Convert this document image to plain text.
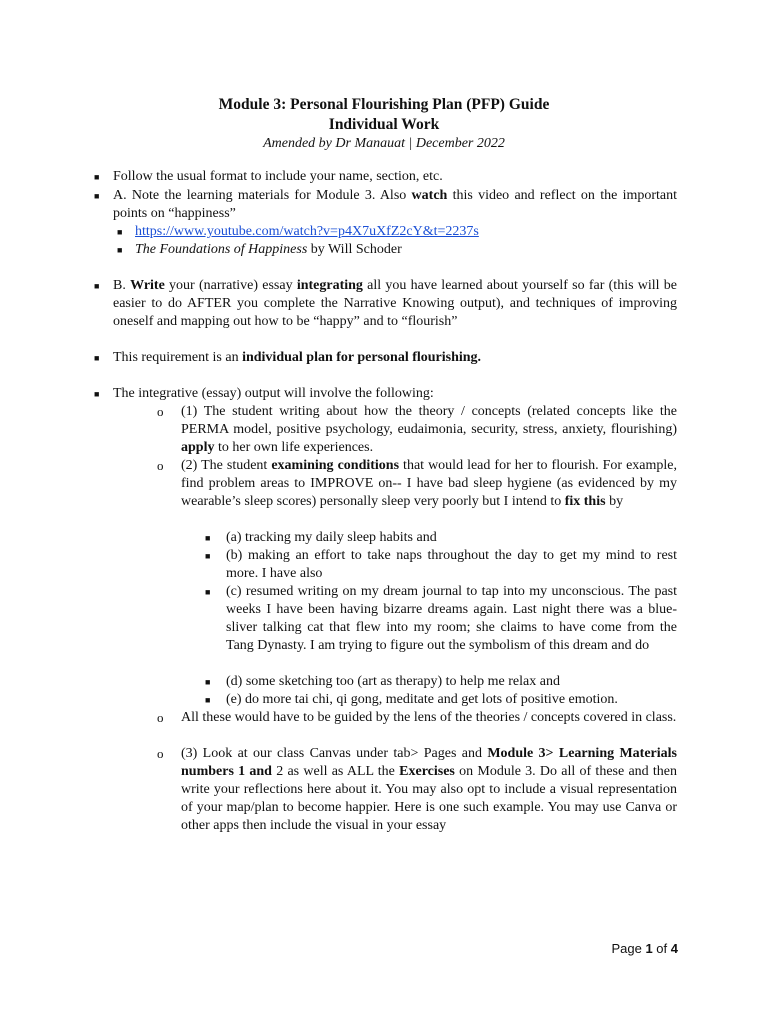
Module 3: Personal Flourishing Plan (PFP) Guide
Individual Work
Amended by Dr Manauat | December 2022
■ Follow the usual format to include your name, section, etc.
■ A. Note the learning materials for Module 3. Also watch this video and reflect on the important points on “happiness”
■ https://www.youtube.com/watch?v=p4X7uXfZ2cY&t=2237s
■ The Foundations of Happiness by Will Schoder
■ B. Write your (narrative) essay integrating all you have learned about yourself so far (this will be easier to do AFTER you complete the Narrative Knowing output), and techniques of improving oneself and mapping out how to be “happy” and to “flourish”
■ This requirement is an individual plan for personal flourishing.
■ The integrative (essay) output will involve the following:
o (1) The student writing about how the theory / concepts (related concepts like the PERMA model, positive psychology, eudaimonia, security, stress, anxiety, flourishing) apply to her own life experiences.
o (2) The student examining conditions that would lead for her to flourish. For example, find problem areas to IMPROVE on-- I have bad sleep hygiene (as evidenced by my wearable’s sleep scores) personally sleep very poorly but I intend to fix this by
■ (a) tracking my daily sleep habits and
■ (b) making an effort to take naps throughout the day to get my mind to rest more. I have also
■ (c) resumed writing on my dream journal to tap into my unconscious. The past weeks I have been having bizarre dreams again. Last night there was a blue-sliver talking cat that flew into my room; she claims to have come from the Tang Dynasty. I am trying to figure out the symbolism of this dream and do
■ (d) some sketching too (art as therapy) to help me relax and
■ (e) do more tai chi, qi gong, meditate and get lots of positive emotion.
o All these would have to be guided by the lens of the theories / concepts covered in class.
o (3) Look at our class Canvas under tab> Pages and Module 3> Learning Materials numbers 1 and 2 as well as ALL the Exercises on Module 3. Do all of these and then write your reflections here about it. You may also opt to include a visual representation of your map/plan to become happier. Here is one such example. You may use Canva or other apps then include the visual in your essay
Page 1 of 4
